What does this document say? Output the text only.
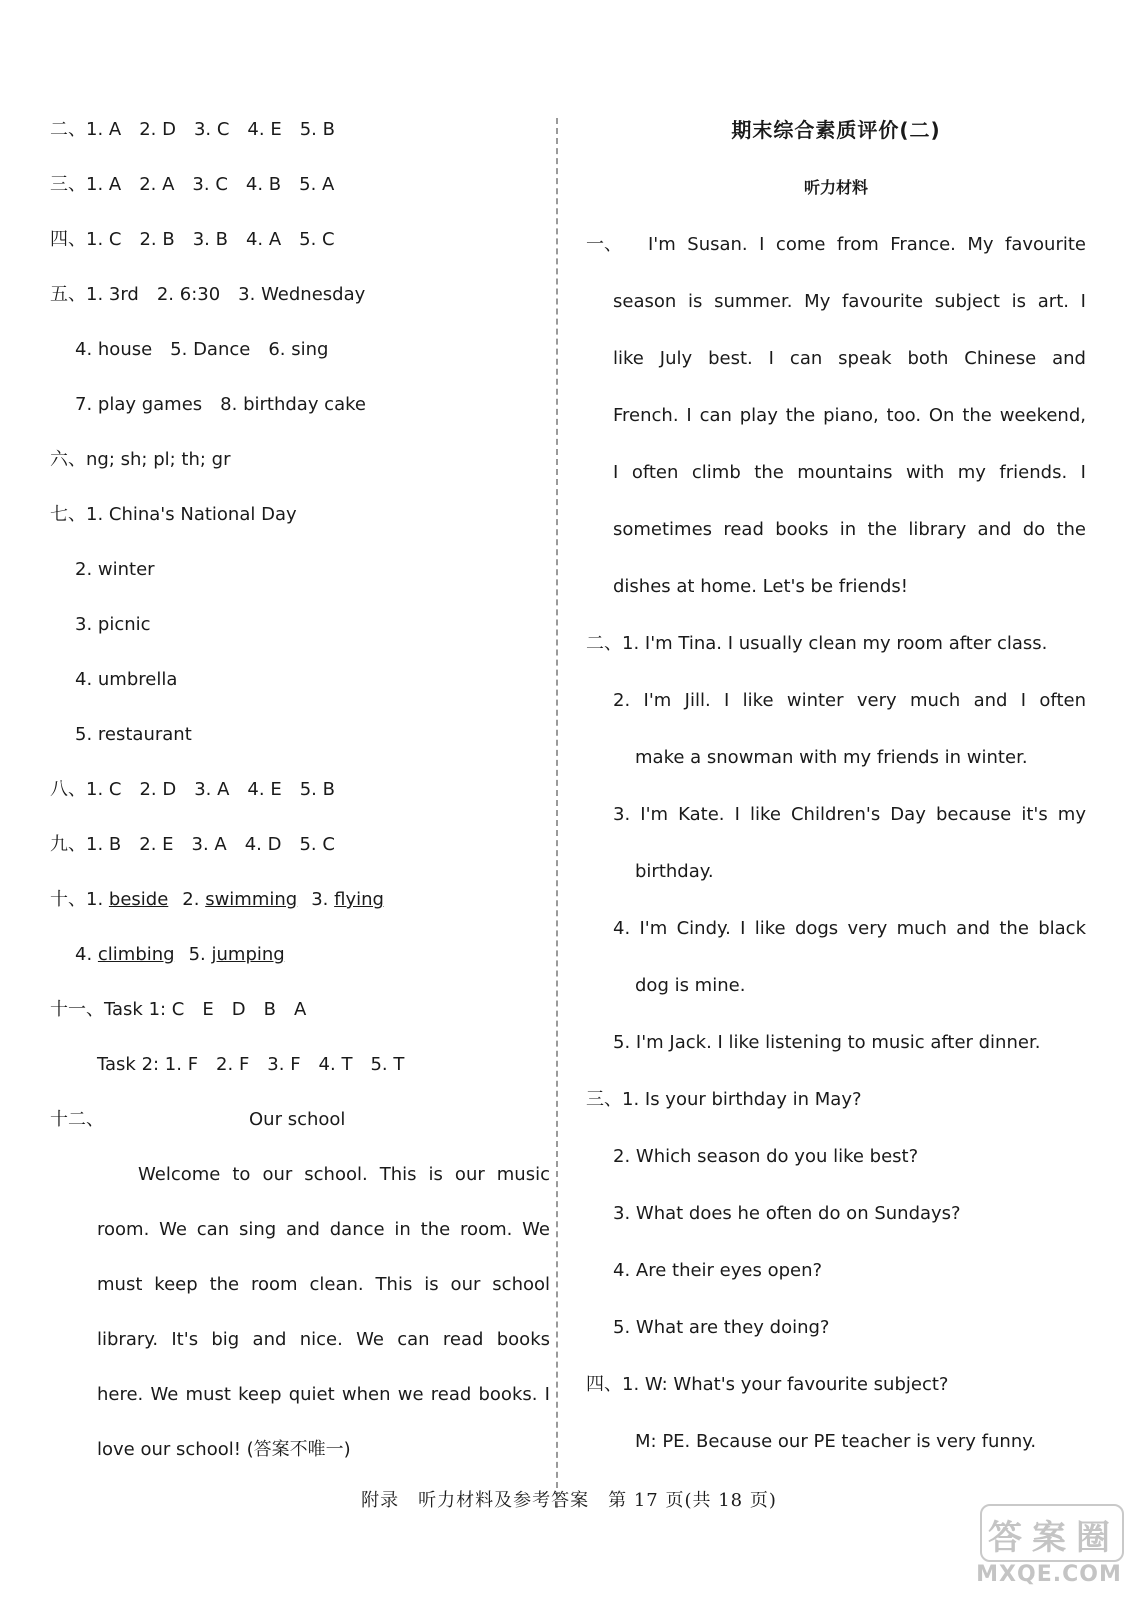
二、1. A　2. D　3. C　4. E　5. B
三、1. A　2. A　3. C　4. B　5. A
四、1. C　2. B　3. B　4. A　5. C
五、1. 3rd　2. 6:30　3. Wednesday
4. house　5. Dance　6. sing
7. play games　8. birthday cake
六、ng; sh; pl; th; gr
七、1. China's National Day
2. winter
3. picnic
4. umbrella
5. restaurant
八、1. C　2. D　3. A　4. E　5. B
九、1. B　2. E　3. A　4. D　5. C
十、1. beside 2. swimming 3. flying
4. climbing 5. jumping
十一、Task 1: C　E　D　B　A
Task 2: 1. F　2. F　3. F　4. T　5. T
十二、	Our school
Welcome to our school. This is our music
room. We can sing and dance in the room. We
must keep the room clean. This is our school
library. It's big and nice. We can read books
here. We must keep quiet when we read books. I
love our school! (答案不唯一)
期末综合素质评价(二)
听力材料
一、	I'm Susan. I come from France. My favourite
season is summer. My favourite subject is art. I
like July best. I can speak both Chinese and
French. I can play the piano, too. On the weekend,
I often climb the mountains with my friends. I
sometimes read books in the library and do the
dishes at home. Let's be friends!
二、1. I'm Tina. I usually clean my room after class.
2. I'm Jill. I like winter very much and I often
make a snowman with my friends in winter.
3. I'm Kate. I like Children's Day because it's my
birthday.
4. I'm Cindy. I like dogs very much and the black
dog is mine.
5. I'm Jack. I like listening to music after dinner.
三、1. Is your birthday in May?
2. Which season do you like best?
3. What does he often do on Sundays?
4. Are their eyes open?
5. What are they doing?
四、1. W: What's your favourite subject?
M: PE. Because our PE teacher is very funny.
附录　听力材料及参考答案　第 17 页(共 18 页)
答 案 圈
MXQE.COM
